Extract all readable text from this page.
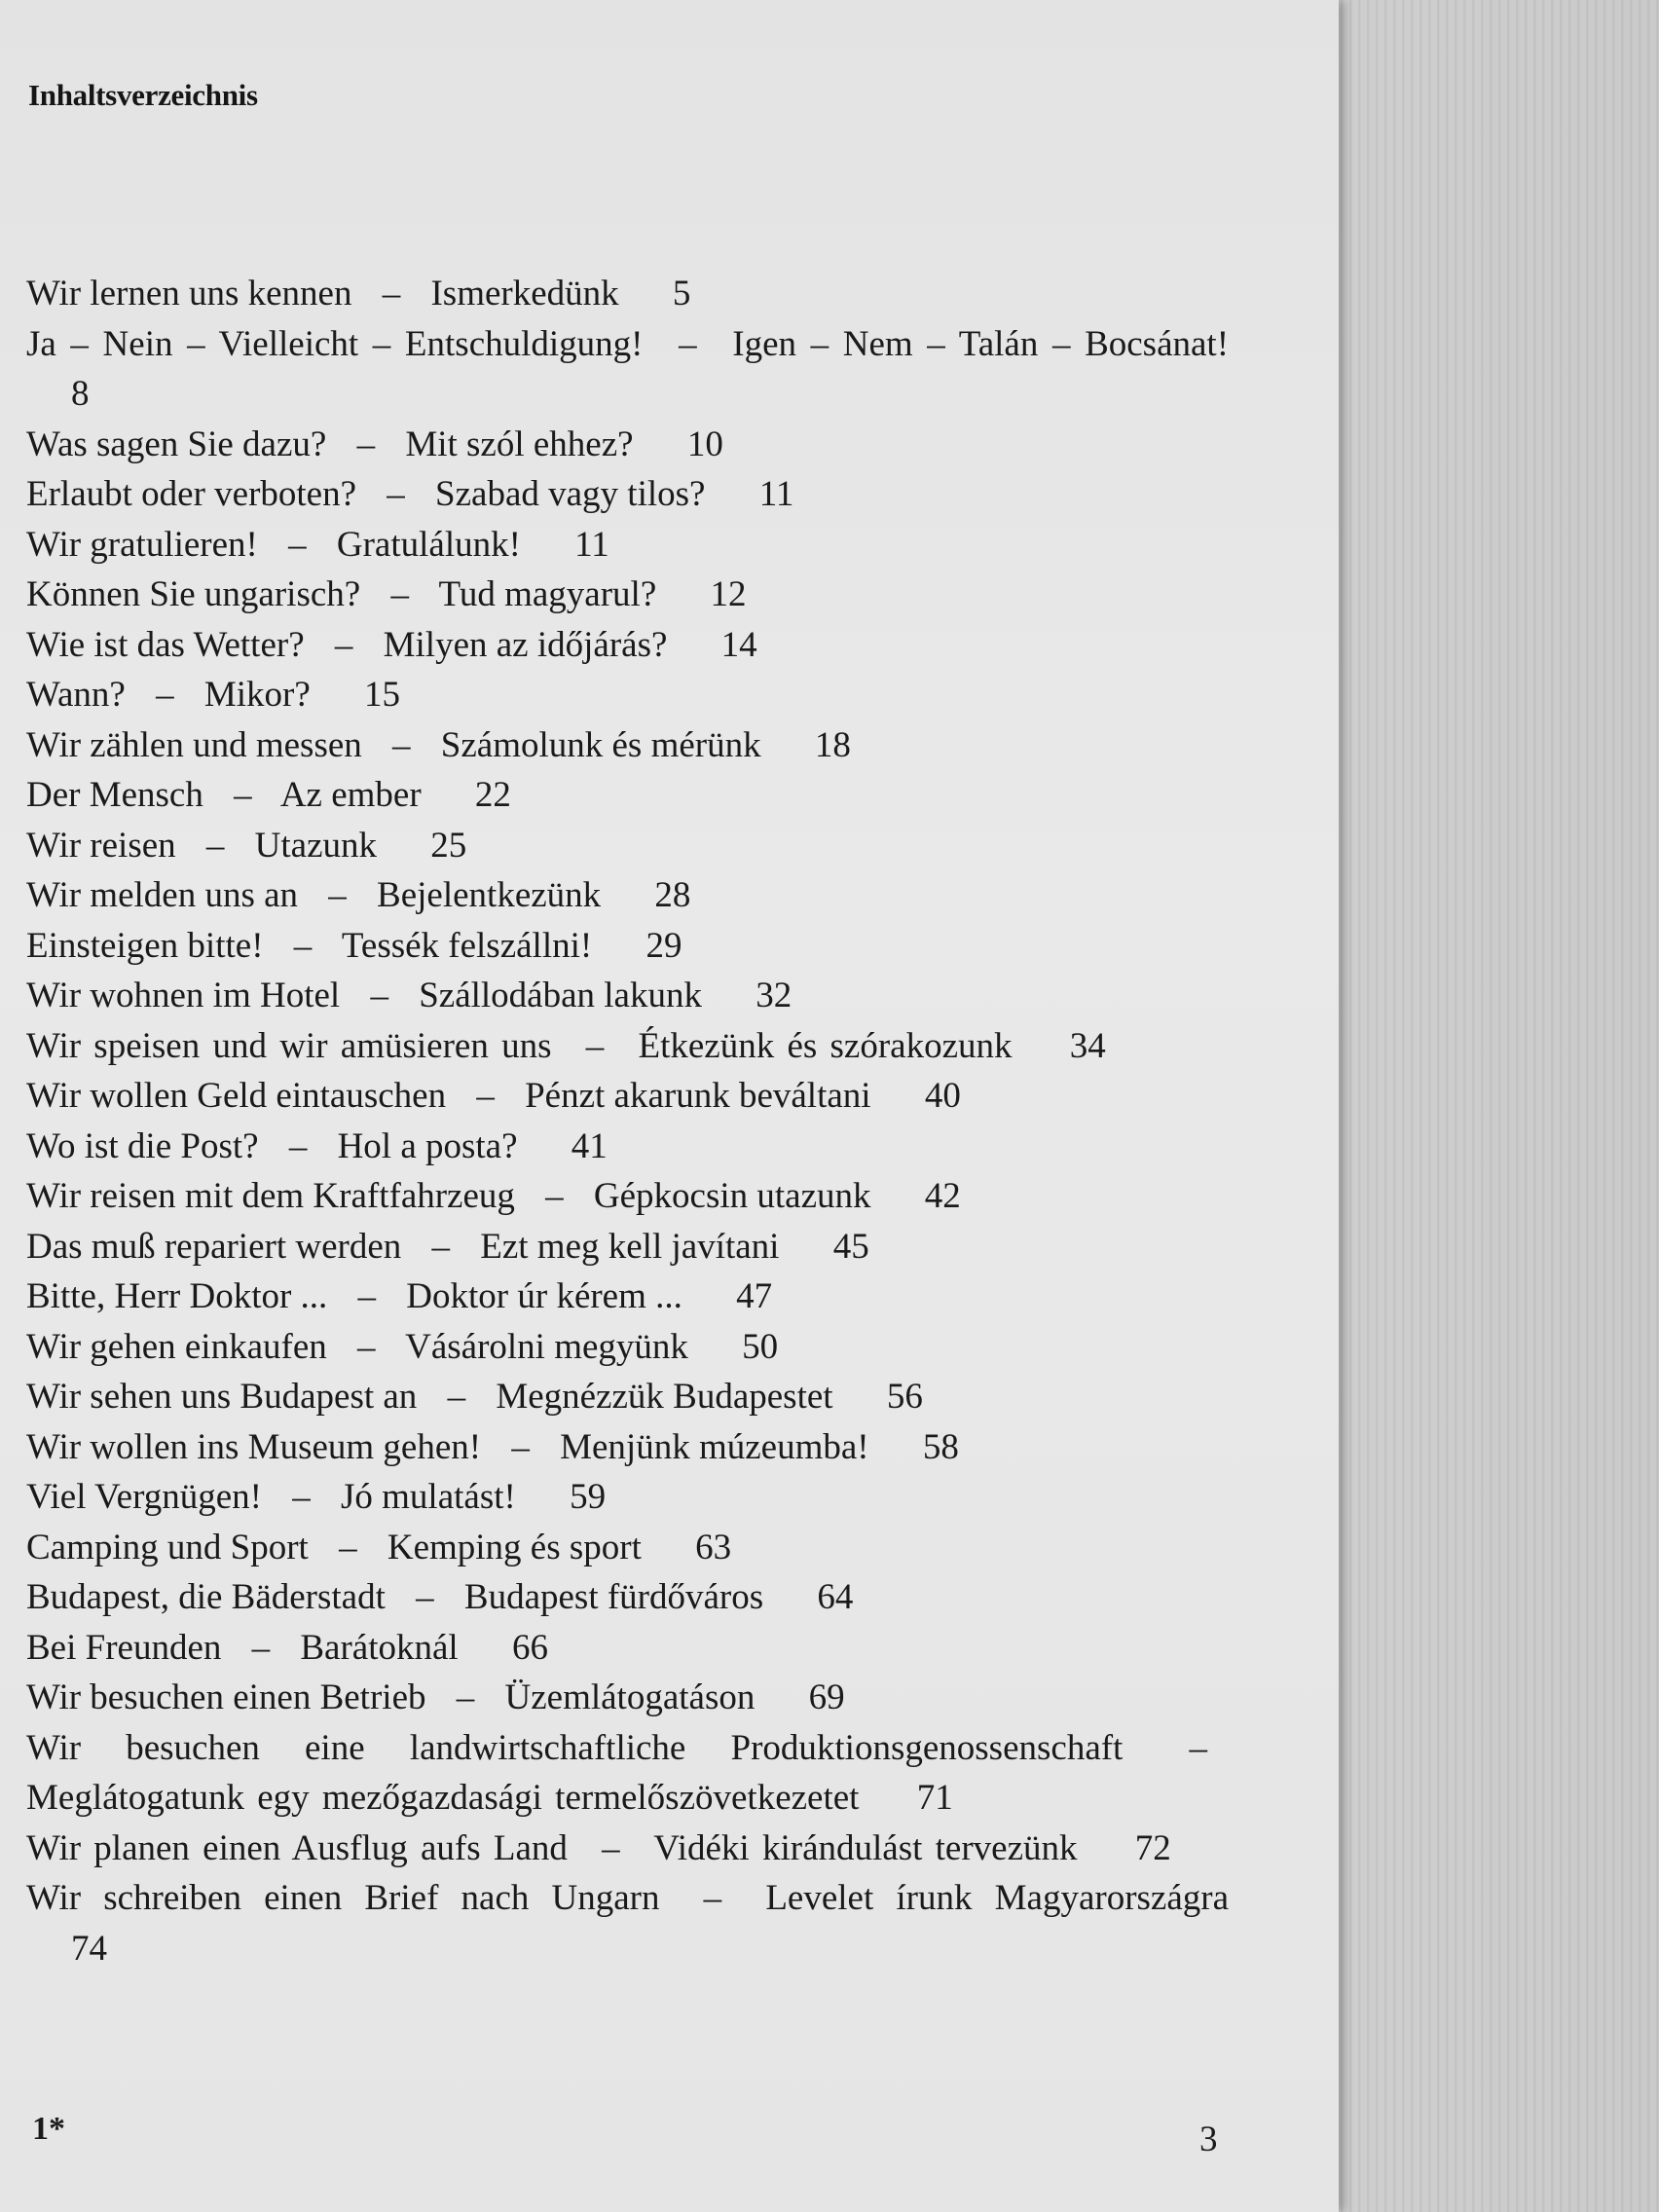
Inhaltsverzeichnis
Wir lernen uns kennen – Ismerkedünk 5
Ja – Nein – Vielleicht – Entschuldigung! – Igen – Nem – Talán – Bocsánat! 8
Was sagen Sie dazu? – Mit szól ehhez? 10
Erlaubt oder verboten? – Szabad vagy tilos? 11
Wir gratulieren! – Gratulálunk! 11
Können Sie ungarisch? – Tud magyarul? 12
Wie ist das Wetter? – Milyen az időjárás? 14
Wann? – Mikor? 15
Wir zählen und messen – Számolunk és mérünk 18
Der Mensch – Az ember 22
Wir reisen – Utazunk 25
Wir melden uns an – Bejelentkezünk 28
Einsteigen bitte! – Tessék felszállni! 29
Wir wohnen im Hotel – Szállodában lakunk 32
Wir speisen und wir amüsieren uns – Étkezünk és szórakozunk 34
Wir wollen Geld eintauschen – Pénzt akarunk beváltani 40
Wo ist die Post? – Hol a posta? 41
Wir reisen mit dem Kraftfahrzeug – Gépkocsin utazunk 42
Das muß repariert werden – Ezt meg kell javítani 45
Bitte, Herr Doktor ... – Doktor úr kérem ... 47
Wir gehen einkaufen – Vásárolni megyünk 50
Wir sehen uns Budapest an – Megnézzük Budapestet 56
Wir wollen ins Museum gehen! – Menjünk múzeumba! 58
Viel Vergnügen! – Jó mulatást! 59
Camping und Sport – Kemping és sport 63
Budapest, die Bäderstadt – Budapest fürdőváros 64
Bei Freunden – Barátoknál 66
Wir besuchen einen Betrieb – Üzemlátogatáson 69
Wir besuchen eine landwirtschaftliche Produktionsgenossenschaft – Meglátogatunk egy mezőgazdasági termelőszövetkezetet 71
Wir planen einen Ausflug aufs Land – Vidéki kirándulást tervezünk 72
Wir schreiben einen Brief nach Ungarn – Levelet írunk Magyarországra 74
1*	3
